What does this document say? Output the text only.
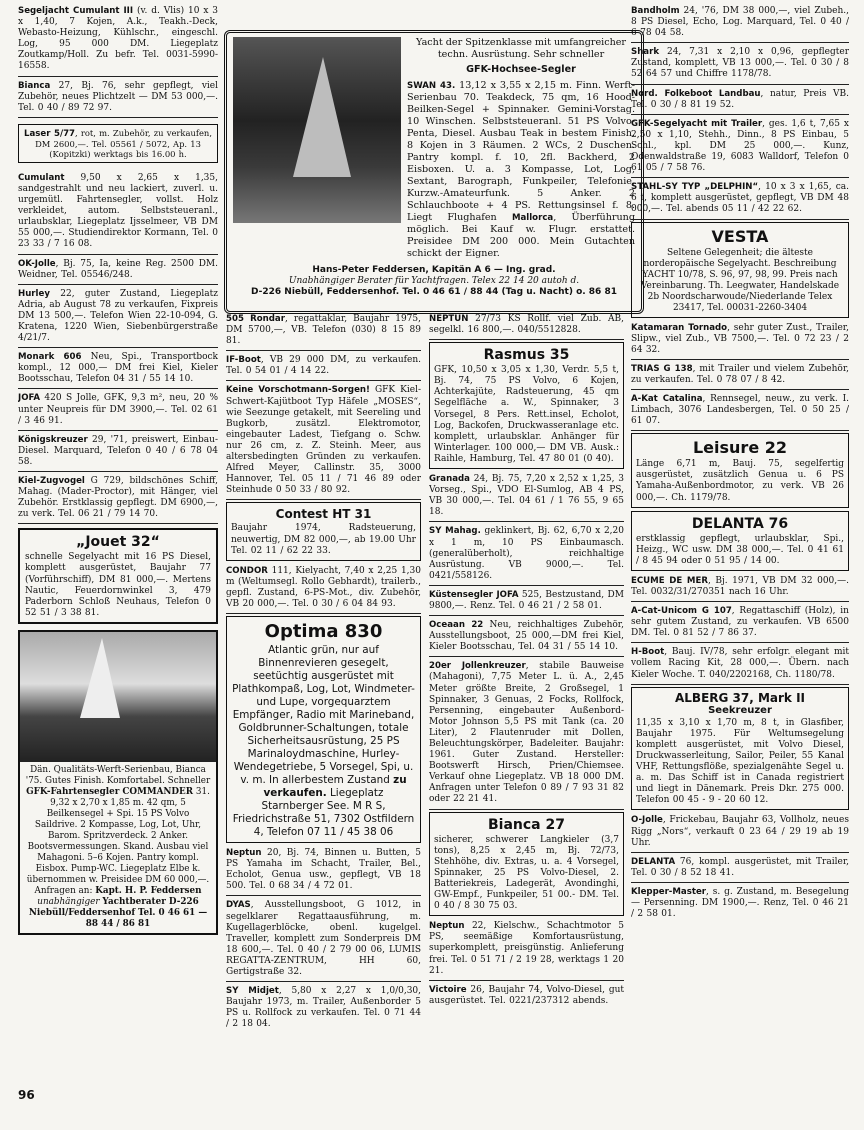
Segeljacht Cumulant III (v. d. Vlis) 10 x 3 x 1,40, 7 Kojen, A.k., Teakh.-Deck, Webasto-Heizung, Kühlschr., eingeschl. Log, 95 000 DM. Liegeplatz Zoutkamp/Holl. Zu befr. Tel. 0031-5990-16558.
Bianca 27, Bj. 76, sehr gepflegt, viel Zubehör, neues Plichtzelt — DM 53 000,—. Tel. 0 40 / 89 72 97.
Laser 5/77, rot, m. Zubehör, zu verkaufen, DM 2600,—. Tel. 05561 / 5072, Ap. 13 (Kopitzki) werktags bis 16.00 h.
Cumulant 9,50 x 2,65 x 1,35, sandgestrahlt und neu lackiert, zuverl. u. urgemütl. Fahrtensegler, vollst. Holz verkleidet, autom. Selbststeueranl., urlaubsklar, Liegeplatz Ijsselmeer, VB DM 55 000,—. Studiendirektor Kormann, Tel. 0 23 33 / 7 16 08.
OK-Jolle, Bj. 75, Ia, keine Reg. 2500 DM. Weidner, Tel. 05546/248.
Hurley 22, guter Zustand, Liegeplatz Adria, ab August 78 zu verkaufen, Fixpreis DM 13 500,—. Telefon Wien 22-10-094, G. Kratena, 1220 Wien, Siebenbürgerstraße 4/21/7.
Monark 606 Neu, Spi., Transportbock kompl., 12 000,— DM frei Kiel, Kieler Bootsschau, Telefon 04 31 / 55 14 10.
JOFA 420 S Jolle, GFK, 9,3 m², neu, 20 % unter Neupreis für DM 3900,—. Tel. 02 61 / 3 46 91.
Königskreuzer 29, '71, preiswert, Einbau-Diesel. Marquard, Telefon 0 40 / 6 78 04 58.
Kiel-Zugvogel G 729, bildschönes Schiff, Mahag. (Mader-Proctor), mit Hänger, viel Zubehör. Erstklassig gepflegt. DM 6900,—, zu verk. Tel. 06 21 / 79 14 70.
„Jouet 32“
schnelle Segelyacht mit 16 PS Diesel, komplett ausgerüstet, Baujahr 77 (Vorführschiff), DM 81 000,—. Mertens Nautic, Feuerdornwinkel 3, 479 Paderborn Schloß Neuhaus, Telefon 0 52 51 / 3 38 81.
Dän. Qualitäts-Werft-Serienbau, Bianca '75. Gutes Finish. Komfortabel. Schneller GFK-Fahrtensegler COMMANDER 31. 9,32 x 2,70 x 1,85 m. 42 qm, 5 Beilkensegel + Spi. 15 PS Volvo Saildrive. 2 Kompasse, Log, Lot, Uhr, Barom. Spritzverdeck. 2 Anker. Bootsvermessungen. Skand. Ausbau viel Mahagoni. 5–6 Kojen. Pantry kompl. Eisbox. Pump-WC. Liegeplatz Elbe k. übernommen w. Preisidee DM 60 000,—. Anfragen an: Kapt. H. P. Feddersen unabhängiger Yachtberater D-226 Niebüll/Feddersenhof Tel. 0 46 61 — 88 44 / 86 81
Yacht der Spitzenklasse mit umfangreicher techn. Ausrüstung. Sehr schneller
GFK-Hochsee-Segler
SWAN 43. 13,12 x 3,55 x 2,15 m. Finn. Werft-Serienbau 70. Teakdeck, 75 qm, 16 Hood-Beilken-Segel + Spinnaker. Gemini-Vorstag. 10 Winschen. Selbststeueranl. 51 PS Volvo-Penta, Diesel. Ausbau Teak in bestem Finish. 8 Kojen in 3 Räumen. 2 WCs, 2 Duschen. Pantry kompl. f. 10, 2fl. Backherd, 2 Eisboxen. U. a. 3 Kompasse, Lot, Log, Sextant, Barograph, Funkpeiler, Telefonie, Kurzw.-Amateurfunk. 5 Anker. 2 Schlauchboote + 4 PS. Rettungsinsel f. 8. Liegt Flughafen Mallorca, Überführung möglich. Bei Kauf w. Flugr. erstattet. Preisidee DM 200 000. Mein Gutachten schickt der Eigner.
Hans-Peter Feddersen, Kapitän A 6 — Ing. grad.
Unabhängiger Berater für Yachtfragen. Telex 22 14 20 autoh d.
D-226 Niebüll, Feddersenhof. Tel. 0 46 61 / 88 44 (Tag u. Nacht) o. 86 81
505 Rondar, regattaklar, Baujahr 1975, DM 5700,—, VB. Telefon (030) 8 15 89 81.
IF-Boot, VB 29 000 DM, zu verkaufen. Tel. 0 54 01 / 4 14 22.
Keine Vorschotmann-Sorgen! GFK Kiel-Schwert-Kajütboot Typ Häfele „MOSES“, wie Seezunge getakelt, mit Seereling und Bugkorb, zusätzl. Elektromotor, eingebauter Ladest, Tiefgang o. Schw. nur 26 cm, z. Z. Steinh. Meer, aus altersbedingten Gründen zu verkaufen. Alfred Meyer, Callinstr. 35, 3000 Hannover, Tel. 05 11 / 71 46 89 oder Steinhude 0 50 33 / 80 92.
Contest HT 31
Baujahr 1974, Radsteuerung, neuwertig, DM 82 000,—, ab 19.00 Uhr Tel. 02 11 / 62 22 33.
CONDOR 111, Kielyacht, 7,40 x 2,25 1,30 m (Weltumsegl. Rollo Gebhardt), trailerb., gepfl. Zustand, 6-PS-Mot., div. Zubehör, VB 20 000,—. Tel. 0 30 / 6 04 84 93.
Optima 830
Atlantic grün, nur auf Binnenrevieren gesegelt, seetüchtig ausgerüstet mit Plathkompaß, Log, Lot, Windmeter- und Lupe, vorgequarztem Empfänger, Radio mit Marineband, Goldbrunner-Schaltungen, totale Sicherheitsausrüstung, 25 PS Marinaloydmaschine, Hurley-Wendegetriebe, 5 Vorsegel, Spi, u. v. m. In allerbestem Zustand zu verkaufen. Liegeplatz Starnberger See. M R S, Friedrichstraße 51, 7302 Ostfildern 4, Telefon 07 11 / 45 38 06
Neptun 20, Bj. 74, Binnen u. Butten, 5 PS Yamaha im Schacht, Trailer, Bel., Echolot, Genua usw., gepflegt, VB 18 500. Tel. 0 68 34 / 4 72 01.
DYAS, Ausstellungsboot, G 1012, in segelklarer Regattaausführung, m. Kugellagerblöcke, obenl. kugelgel. Traveller, komplett zum Sonderpreis DM 18 600,—. Tel. 0 40 / 2 79 00 06, LUMIS REGATTA-ZENTRUM, HH 60, Gertigstraße 32.
SY Midjet, 5,80 x 2,27 x 1,0/0,30, Baujahr 1973, m. Trailer, Außenborder 5 PS u. Rollfock zu verkaufen. Tel. 0 71 44 / 2 18 04.
NEPTUN 27/73 KS Rollf. viel Zub. AB, segelkl. 16 800,—. 040/5512828.
Rasmus 35
GFK, 10,50 x 3,05 x 1,30, Verdr. 5,5 t, Bj. 74, 75 PS Volvo, 6 Kojen, Achterkajüte, Radsteuerung, 45 qm Segelfläche a. W., Spinnaker, 3 Vorsegel, 8 Pers. Rett.insel, Echolot, Log, Backofen, Druckwasseranlage etc. komplett, urlaubsklar. Anhänger für Winterlager. 100 000,— DM VB. Ausk.: Raihle, Hamburg, Tel. 47 80 01 (0 40).
Granada 24, Bj. 75, 7,20 x 2,52 x 1,25, 3 Vorseg., Spi., VDO El-Sumlog, AB 4 PS, VB 30 000,—. Tel. 04 61 / 1 76 55, 9 65 18.
SY Mahag. geklinkert, Bj. 62, 6,70 x 2,20 x 1 m, 10 PS Einbaumasch. (generalüberholt), reichhaltige Ausrüstung. VB 9000,—. Tel. 0421/558126.
Küstensegler JOFA 525, Bestzustand, DM 9800,—. Renz. Tel. 0 46 21 / 2 58 01.
Oceaan 22 Neu, reichhaltiges Zubehör, Ausstellungsboot, 25 000,—DM frei Kiel, Kieler Bootsschau, Tel. 04 31 / 55 14 10.
20er Jollenkreuzer, stabile Bauweise (Mahagoni), 7,75 Meter L. ü. A., 2,45 Meter größte Breite, 2 Großsegel, 1 Spinnaker, 3 Genuas, 2 Focks, Rollfock, Persenning, eingebauter Außenbord-Motor Johnson 5,5 PS mit Tank (ca. 20 Liter), 2 Flautenruder mit Dollen, Beleuchtungskörper, Badeleiter. Baujahr: 1961. Guter Zustand. Hersteller: Bootswerft Hirsch, Prien/Chiemsee. Verkauf ohne Liegeplatz. VB 18 000 DM. Anfragen unter Telefon 0 89 / 7 93 31 82 oder 22 21 41.
Bianca 27
sicherer, schwerer Langkieler (3,7 tons), 8,25 x 2,45 m, Bj. 72/73, Stehhöhe, div. Extras, u. a. 4 Vorsegel, Spinnaker, 25 PS Volvo-Diesel, 2. Batteriekreis, Ladegerät, Avondinghi, GW-Empf., Funkpeiler, 51 00.- DM. Tel. 0 40 / 8 30 75 03.
Neptun 22, Kielschw., Schachtmotor 5 PS, seemäßige Komfortausrüstung, superkomplett, preisgünstig. Anlieferung frei. Tel. 0 51 71 / 2 19 28, werktags 1 20 21.
Victoire 26, Baujahr 74, Volvo-Diesel, gut ausgerüstet. Tel. 0221/237312 abends.
Bandholm 24, '76, DM 38 000,—, viel Zubeh., 8 PS Diesel, Echo, Log. Marquard, Tel. 0 40 / 6 78 04 58.
Shark 24, 7,31 x 2,10 x 0,96, gepflegter Zustand, komplett, VB 13 000,—. Tel. 0 30 / 8 52 64 57 und Chiffre 1178/78.
Nord. Folkeboot Landbau, natur, Preis VB. Tel. 0 30 / 8 81 19 52.
GFK-Segelyacht mit Trailer, ges. 1,6 t, 7,65 x 2,50 x 1,10, Stehh., Dinn., 8 PS Einbau, 5 Schl., kpl. DM 25 000,—. Kunz, Odenwaldstraße 19, 6083 Walldorf, Telefon 0 61 05 / 7 58 76.
STAHL-SY TYP „DELPHIN“, 10 x 3 x 1,65, ca. 6 t, komplett ausgerüstet, gepflegt, VB DM 48 000,—. Tel. abends 05 11 / 42 22 62.
VESTA
Seltene Gelegenheit; die älteste norderopäische Segelyacht. Beschreibung YACHT 10/78, S. 96, 97, 98, 99. Preis nach Vereinbarung. Th. Leegwater, Handelskade 2b Noordscharwoude/Niederlande Telex 23417, Tel. 00031-2260-3404
Katamaran Tornado, sehr guter Zust., Trailer, Slipw., viel Zub., VB 7500,—. Tel. 0 72 23 / 2 64 32.
TRIAS G 138, mit Trailer und vielem Zubehör, zu verkaufen. Tel. 0 78 07 / 8 42.
A-Kat Catalina, Rennsegel, neuw., zu verk. I. Limbach, 3076 Landesbergen, Tel. 0 50 25 / 61 07.
Leisure 22
Länge 6,71 m, Bauj. 75, segelfertig ausgerüstet, zusätzlich Genua u. 6 PS Yamaha-Außenbordmotor, zu verk. VB 26 000,—. Ch. 1179/78.
DELANTA 76
erstklassig gepflegt, urlaubsklar, Spi., Heizg., WC usw. DM 38 000,—. Tel. 0 41 61 / 8 45 94 oder 0 51 95 / 14 00.
ECUME DE MER, Bj. 1971, VB DM 32 000,—. Tel. 0032/31/270351 nach 16 Uhr.
A-Cat-Unicom G 107, Regattaschiff (Holz), in sehr gutem Zustand, zu verkaufen. VB 6500 DM. Tel. 0 81 52 / 7 86 37.
H-Boot, Bauj. IV/78, sehr erfolgr. elegant mit vollem Racing Kit, 28 000,—. Übern. nach Kieler Woche. T. 040/2202168, Ch. 1180/78.
ALBERG 37, Mark II
Seekreuzer
11,35 x 3,10 x 1,70 m, 8 t, in Glasfiber, Baujahr 1975. Für Weltumsegelung komplett ausgerüstet, mit Volvo Diesel, Druckwasserleitung, Sailor, Peiler, 55 Kanal VHF, Rettungsflöße, spezialgenähte Segel u. a. m. Das Schiff ist in Canada registriert und liegt in Dänemark. Preis Dkr. 275 000. Telefon 00 45 - 9 - 20 60 12.
O-Jolle, Frickebau, Baujahr 63, Vollholz, neues Rigg „Nors“, verkauft 0 23 64 / 29 19 ab 19 Uhr.
DELANTA 76, kompl. ausgerüstet, mit Trailer, Tel. 0 30 / 8 52 18 41.
Klepper-Master, s. g. Zustand, m. Besegelung — Persenning. DM 1900,—. Renz, Tel. 0 46 21 / 2 58 01.
96
